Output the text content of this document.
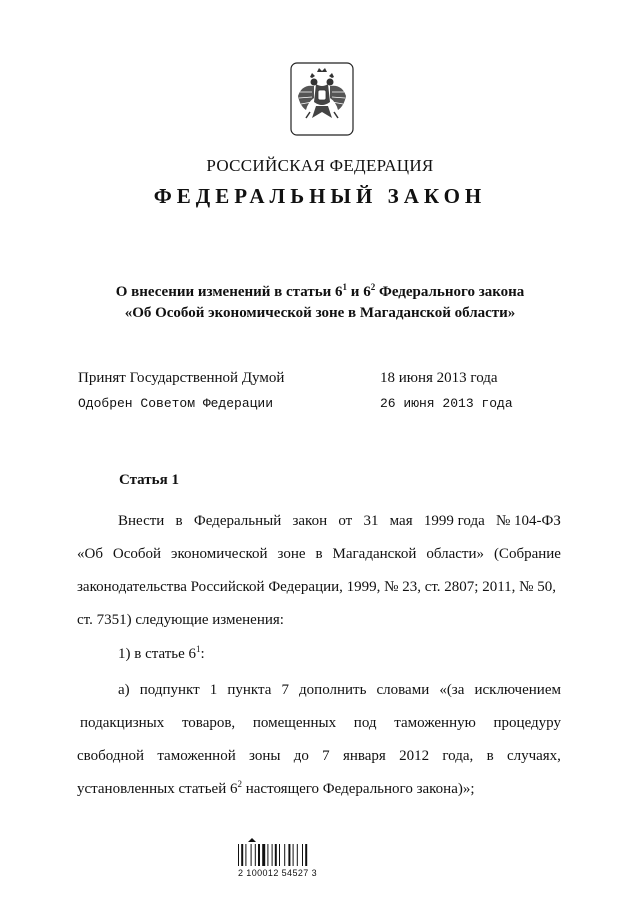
РОССИЙСКАЯ ФЕДЕРАЦИЯ
ФЕДЕРАЛЬНЫЙ ЗАКОН
О внесении изменений в статьи $6^1$ и $6^2$ Федерального закона
«Об Особой экономической зоне в Магаданской области»
Принят Государственной Думой	18 июня 2013 года
Одобрен Советом Федерации	26 июня 2013 года
Статья 1
Внести в Федеральный закон от 31 мая 1999 года № 104-ФЗ
«Об Особой экономической зоне в Магаданской области» (Собрание
законодательства Российской Федерации, 1999, № 23, ст. 2807; 2011, № 50,
ст. 7351) следующие изменения:
1) в статье $6^1$:
а) подпункт 1 пункта 7 дополнить словами «(за исключением
подакцизных товаров, помещенных под таможенную процедуру
свободной таможенной зоны до 7 января 2012 года, в случаях,
установленных статьей $6^2$ настоящего Федерального закона)»;
2 100012 54527 3
